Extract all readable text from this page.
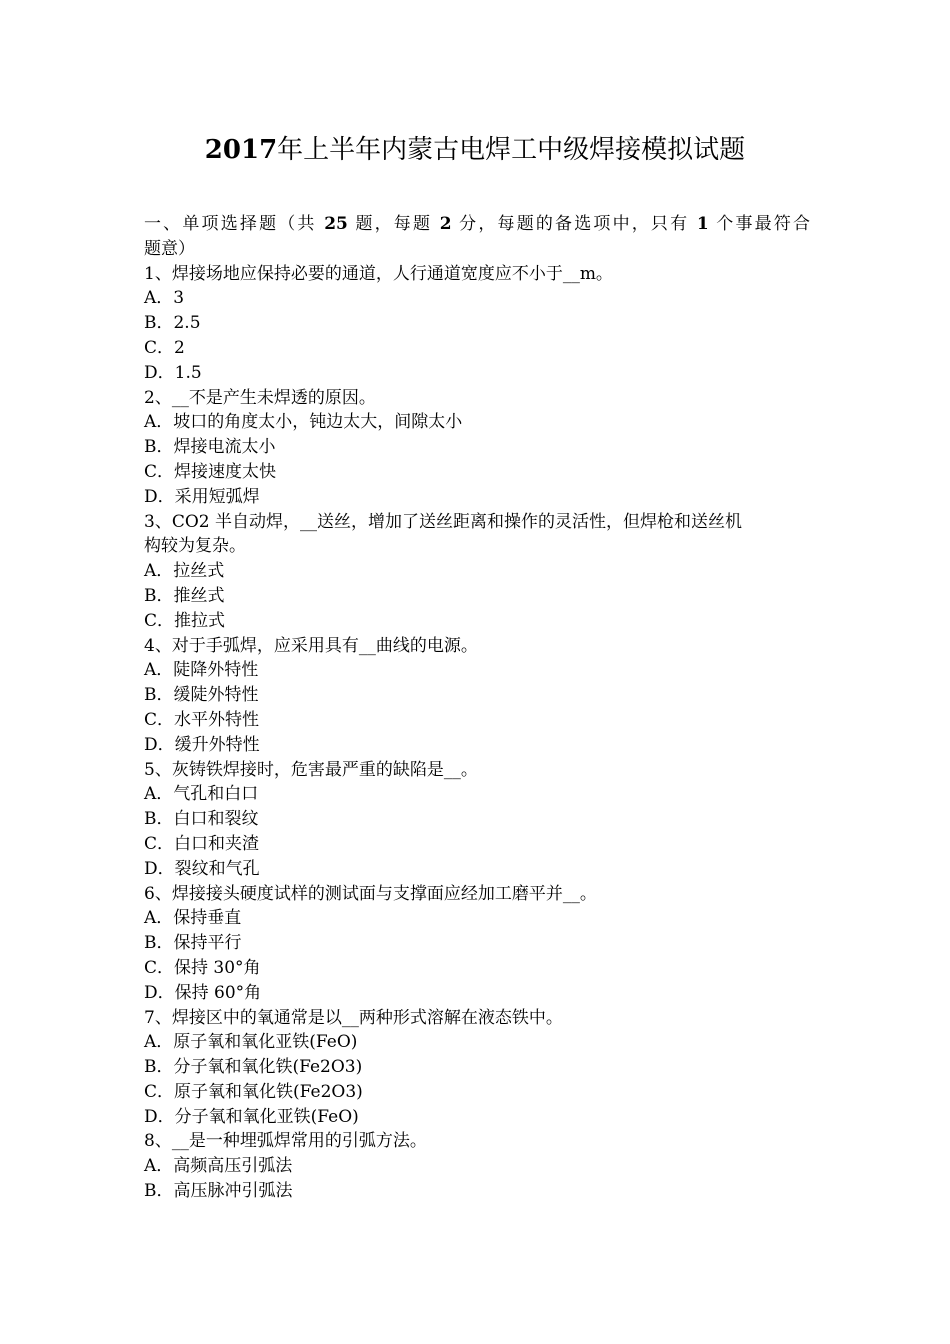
2017年上半年内蒙古电焊工中级焊接模拟试题
一、单项选择题（共 25 题，每题 2 分，每题的备选项中，只有 1 个事最符合
题意）
1、焊接场地应保持必要的通道，人行通道宽度应不小于__m。
A．3
B．2.5
C．2
D．1.5
2、__不是产生未焊透的原因。
A．坡口的角度太小，钝边太大，间隙太小
B．焊接电流太小
C．焊接速度太快
D．采用短弧焊
3、CO2 半自动焊，__送丝，增加了送丝距离和操作的灵活性，但焊枪和送丝机
构较为复杂。
A．拉丝式
B．推丝式
C．推拉式
4、对于手弧焊，应采用具有__曲线的电源。
A．陡降外特性
B．缓陡外特性
C．水平外特性
D．缓升外特性
5、灰铸铁焊接时，危害最严重的缺陷是__。
A．气孔和白口
B．白口和裂纹
C．白口和夹渣
D．裂纹和气孔
6、焊接接头硬度试样的测试面与支撑面应经加工磨平并__。
A．保持垂直
B．保持平行
C．保持 30°角
D．保持 60°角
7、焊接区中的氧通常是以__两种形式溶解在液态铁中。
A．原子氧和氧化亚铁(FeO)
B．分子氧和氧化铁(Fe2O3)
C．原子氧和氧化铁(Fe2O3)
D．分子氧和氧化亚铁(FeO)
8、__是一种埋弧焊常用的引弧方法。
A．高频高压引弧法
B．高压脉冲引弧法
